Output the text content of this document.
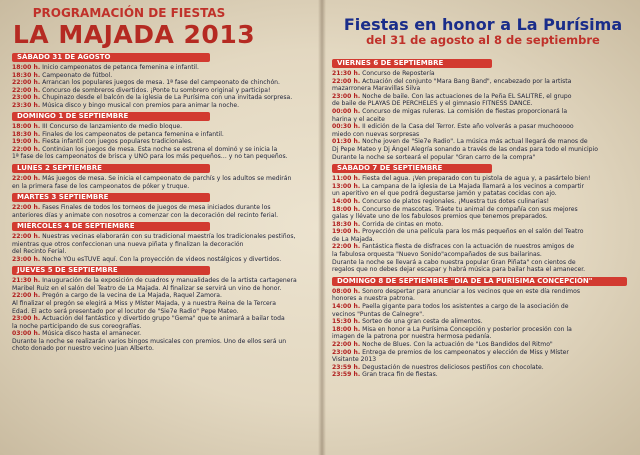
PROGRAMACIÓN DE FIESTAS
LA MAJADA 2013
SÁBADO 31 DE AGOSTO
18:00 h. Inicio campeonatos de petanca femenina e infantil.
18:30 h. Campeonato de fútbol.
22:00 h. Arrancan los populares juegos de mesa. 1ª fase del campeonato de chinchón.
22:00 h. Concurso de sombreros divertidos. ¡Ponte tu sombrero original y participa!
23:00 h. Chupinazo desde el balcón de la iglesia de La Purísima con una invitada sorpresa.
23:30 h. Música disco y bingo musical con premios para animar la noche.
DOMINGO 1 DE SEPTIEMBRE
18:00 h. III Concurso de lanzamiento de medio bloque.
18:30 h. Finales de los campeonatos de petanca femenina e infantil.
19:00 h. Fiesta infantil con juegos populares tradicionales.
22:00 h. Continúan los juegos de mesa. Esta noche se estrena el dominó y se inicia la
1ª fase de los campeonatos de brisca y UNO para los más pequeños… y no tan pequeños.
LUNES 2 SEPTIEMBRE
22:00 h. Más juegos de mesa. Se inicia el campeonato de parchís y los adultos se medirán
en la primera fase de los campeonatos de póker y truque.
MARTES 3 SEPTIEMBRE
22:00 h. Fases Finales de todos los torneos de juegos de mesa iniciados durante los
anteriores días y animate con nosotros a comenzar con la decoración del recinto ferial.
MIÉRCOLES 4 DE SEPTIEMBRE
22:00 h. Nuestras vecinas elaborarán con su tradicional maestría los tradicionales pestiños,
mientras que otros confeccionan una nueva piñata y finalizan la decoración
del Recinto Ferial.
23:00 h. Noche YOu esTUVE aquí. Con la proyección de videos nostálgicos y divertidos.
JUEVES 5 DE SEPTIEMBRE
21:30 h. Inauguración de la exposición de cuadros y manualidades de la artista cartagenera
Maribel Ruiz en el salón del Teatro de La Majada. Al finalizar se servirá un vino de honor.
22:00 h. Pregón a cargo de la vecina de La Majada, Raquel Zamora.
Al finalizar el pregón se elegirá a Miss y Míster Majada, y a nuestra Reina de la Tercera
Edad. El acto será presentado por el locutor de "Sie7e Radio" Pepe Mateo.
23:00 h. Actuación del fantástico y divertido grupo "Gema" que te animará a bailar toda
la noche participando de sus coreografías.
03:00 h. Música disco hasta el amanecer.
Durante la noche se realizarán varios bingos musicales con premios. Uno de ellos será un
choto donado por nuestro vecino Juan Alberto.
Fiestas en honor a La Purísima
del 31 de agosto al 8 de septiembre
VIERNES 6 DE SEPTIEMBRE
21:30 h. Concurso de Repostería
22:00 h. Actuación del conjunto "Mara Bang Band", encabezado por la artista
mazarronera Maravillas Silva
23:00 h. Noche de baile. Con las actuaciones de la Peña EL SALITRE, el grupo
de baile de PLAYAS DE PERCHELES y el gimnasio FITNESS DANCE.
00:00 h. Concurso de migas ruleras. La comisión de fiestas proporcionará la
harina y el aceite
00:30 h. II edición de la Casa del Terror. Este año volverás a pasar muchooooo
miedo con nuevas sorpresas
01:30 h. Noche joven de "Sie7e Radio". La música más actual llegará de manos de
Dj Pepe Mateo y Dj Ángel Alegría sonando a través de las ondas para todo el municipio
Durante la noche se sorteará el popular "Gran carro de la compra"
SÁBADO 7 DE SEPTIEMBRE
11:00 h. Fiesta del agua. ¡Ven preparado con tu pistola de agua y, a pasártelo bien!
13:00 h. La campana de la iglesia de La Majada llamará a los vecinos a compartir
un aperitivo en el que podrá degustarse jamón y patatas cocidas con ajo.
14:00 h. Concurso de platos regionales. ¡Muestra tus dotes culinarias!
18:00 h. Concurso de mascotas. Tráete tu animal de compañía con sus mejores
galas y llévate uno de los fabulosos premios que tenemos preparados.
18:30 h. Corrida de cintas en moto.
19:00 h. Proyección de una película para los más pequeños en el salón del Teatro
de La Majada.
22:00 h. Fantástica fiesta de disfraces con la actuación de nuestros amigos de
la fabulosa orquesta "Nuevo Sonido"acompañados de sus bailarinas.
Durante la noche se llevará a cabo nuestra popular Gran Piñata" con cientos de
regalos que no debes dejar escapar y habrá música para bailar hasta el amanecer.
DOMINGO 8 DE SEPTIEMBRE "DÍA DE LA PURÍSIMA CONCEPCIÓN"
08:00 h. Sonoro despertar para anunciar a los vecinos que en este día rendimos
honores a nuestra patrona.
14:00 h. Paella gigante para todos los asistentes a cargo de la asociación de
vecinos "Puntas de Calnegre".
15:30 h. Sorteo de una gran cesta de alimentos.
18:00 h. Misa en honor a La Purísima Concepción y posterior procesión con la
imagen de la patrona por nuestra hermosa pedanía.
22:00 h. Noche de Blues. Con la actuación de "Los Bandidos del Ritmo"
23:00 h. Entrega de premios de los campeonatos y elección de Miss y Míster
Visitante 2013
23:59 h. Degustación de nuestros deliciosos pestiños con chocolate.
23:59 h. Gran traca fin de fiestas.
